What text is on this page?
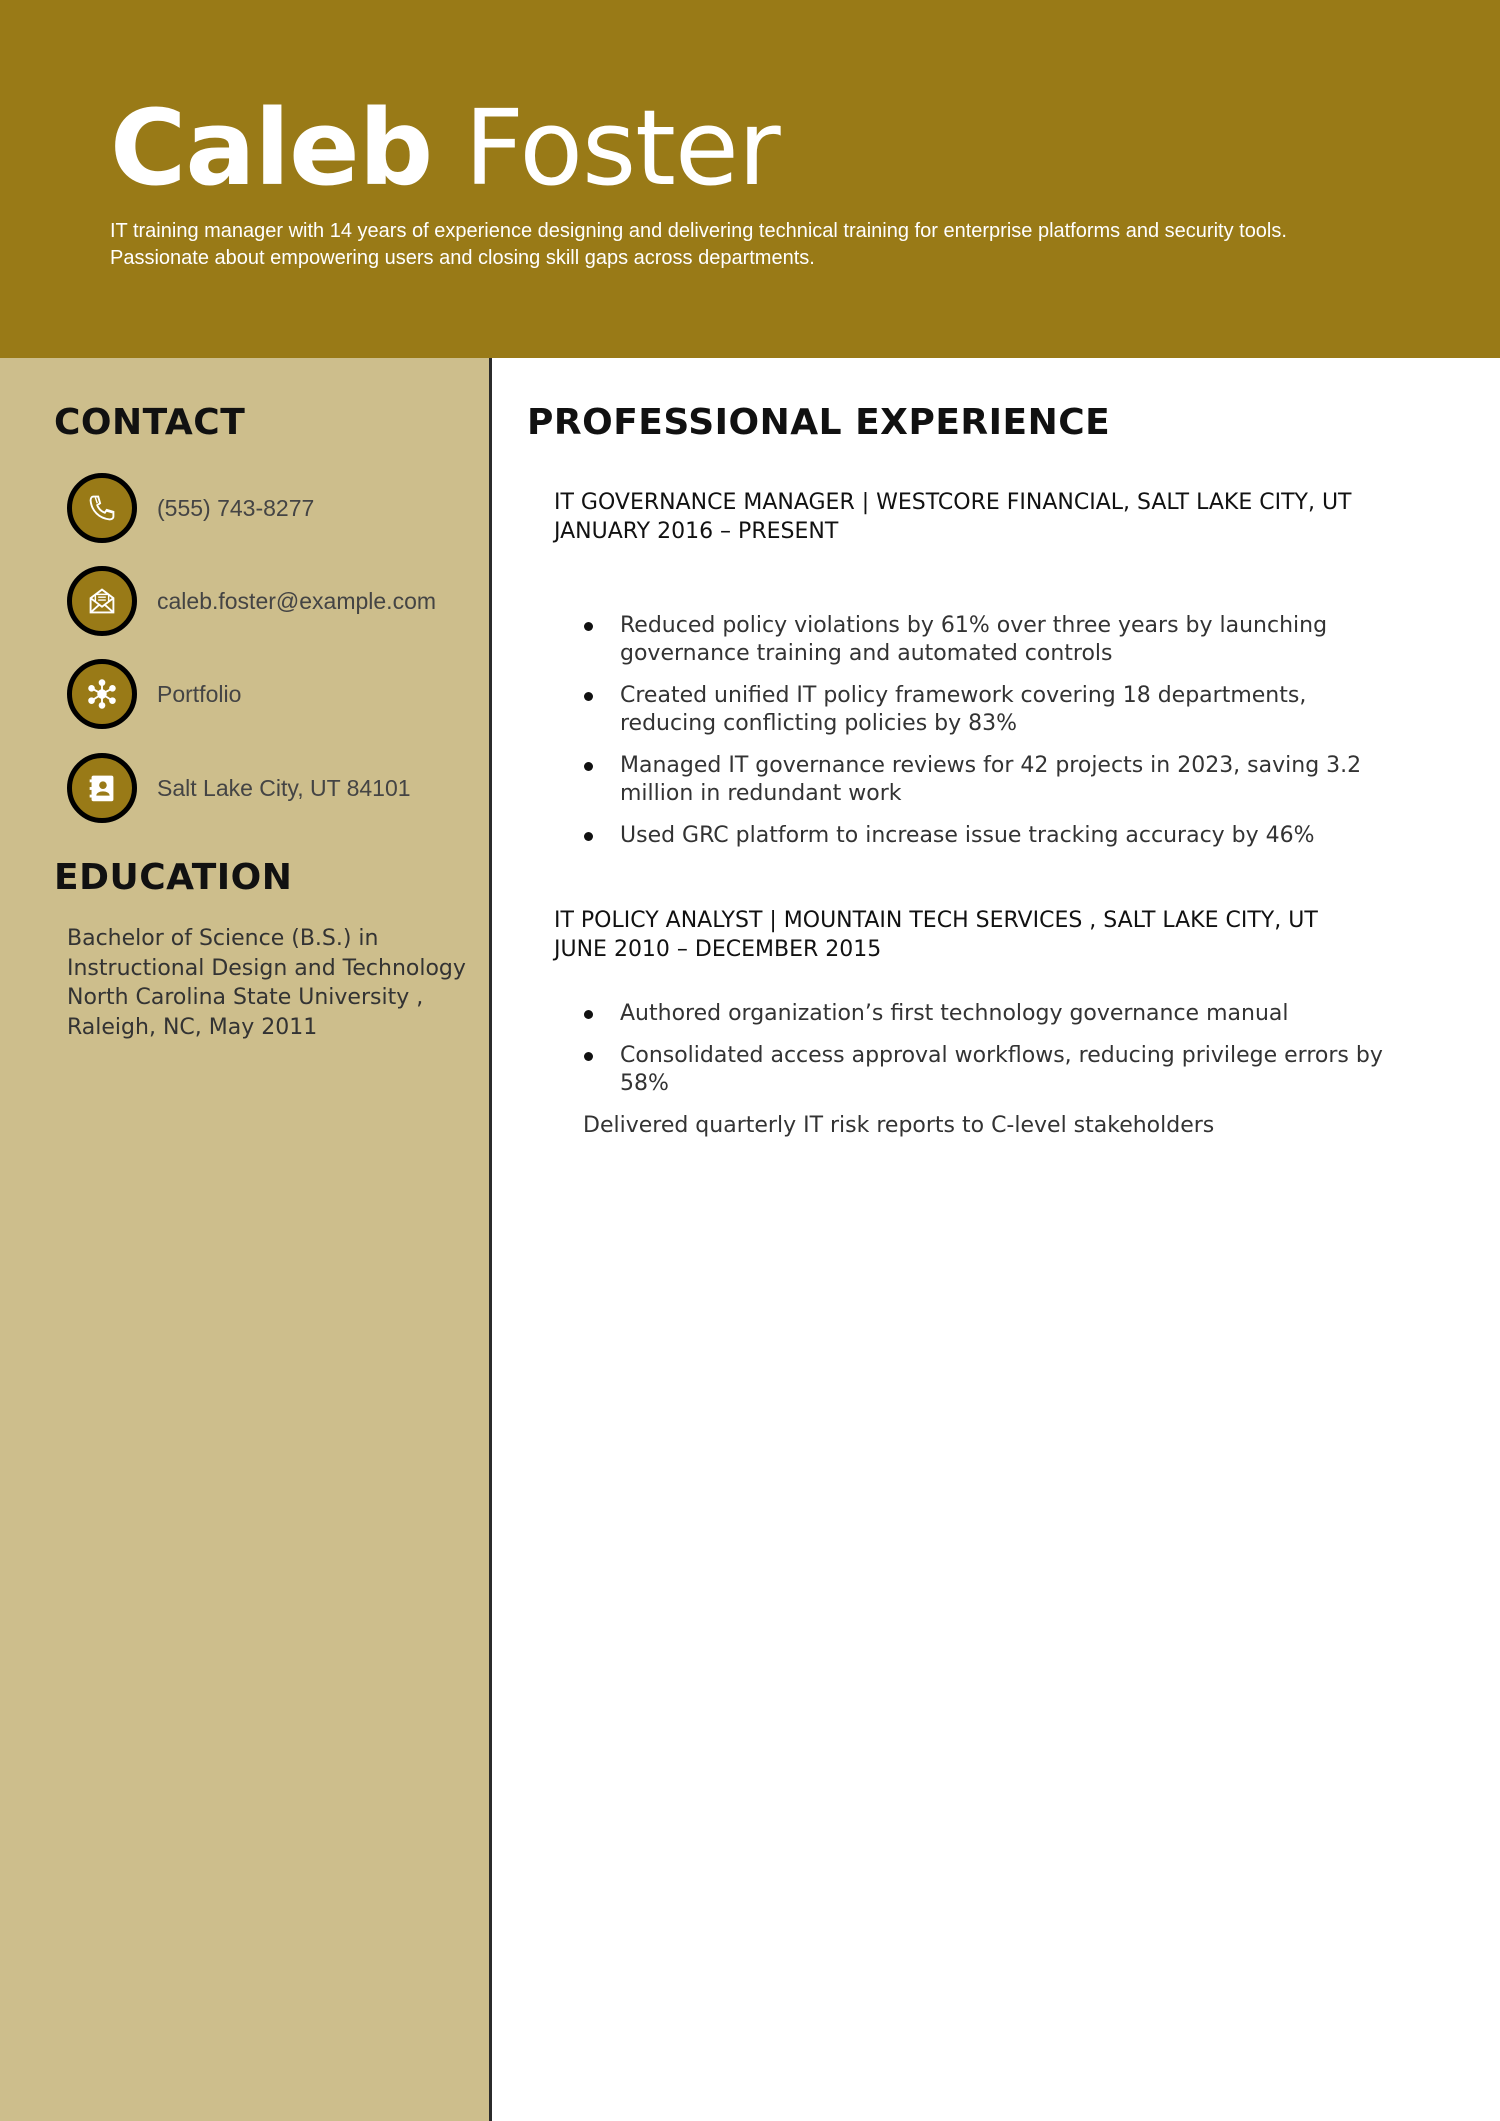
Caleb Foster
IT training manager with 14 years of experience designing and delivering technical training for enterprise platforms and security tools. Passionate about empowering users and closing skill gaps across departments.
CONTACT
(555) 743-8277
caleb.foster@example.com
Portfolio
Salt Lake City, UT 84101
EDUCATION
Bachelor of Science (B.S.) in Instructional Design and Technology
North Carolina State University , Raleigh, NC, May 2011
PROFESSIONAL EXPERIENCE
IT GOVERNANCE MANAGER | WESTCORE FINANCIAL, SALT LAKE CITY, UT
JANUARY 2016 – PRESENT
Reduced policy violations by 61% over three years by launching governance training and automated controls
Created unified IT policy framework covering 18 departments, reducing conflicting policies by 83%
Managed IT governance reviews for 42 projects in 2023, saving 3.2 million in redundant work
Used GRC platform to increase issue tracking accuracy by 46%
IT POLICY ANALYST | MOUNTAIN TECH SERVICES , SALT LAKE CITY, UT
JUNE 2010 – DECEMBER 2015
Authored organization’s first technology governance manual
Consolidated access approval workflows, reducing privilege errors by 58%
Delivered quarterly IT risk reports to C-level stakeholders
